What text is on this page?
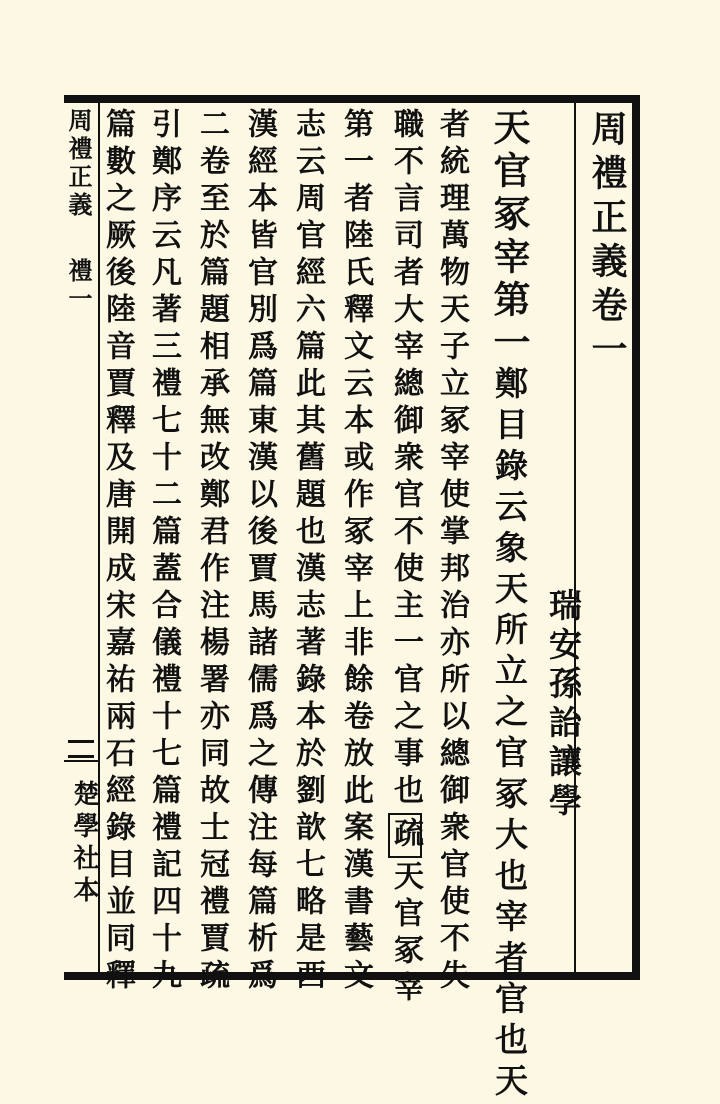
周禮正義
禮一
楚學社本
周禮正義卷一
瑞安孫詒讓學
天官冢宰第一鄭目錄云象天所立之官冢大也宰者官也天
者統理萬物天子立冢宰使掌邦治亦所以總御衆官使不失
職不言司者大宰總御衆官不使主一官之事也疏天官冢宰
第一者陸氏釋文云本或作冢宰上非餘卷放此案漢書藝文
志云周官經六篇此其舊題也漢志著錄本於劉歆七略是西
漢經本皆官別爲篇東漢以後賈馬諸儒爲之傳注每篇析爲
二卷至於篇題相承無改鄭君作注楊署亦同故士冠禮賈疏
引鄭序云凡著三禮七十二篇蓋合儀禮十七篇禮記四十九
篇數之厥後陸音賈釋及唐開成宋嘉祐兩石經錄目並同釋
